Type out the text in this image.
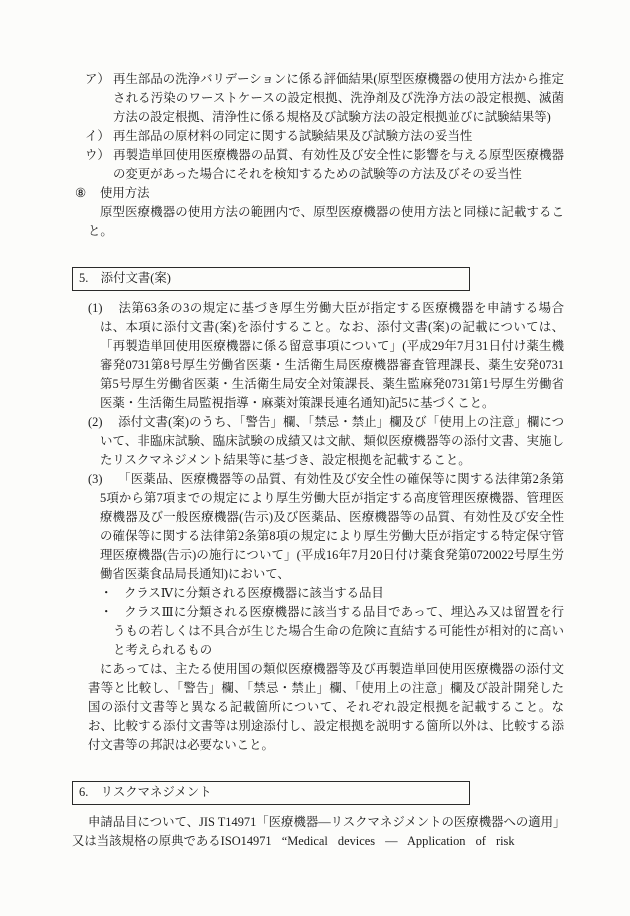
ア） 再生部品の洗浄バリデーションに係る評価結果(原型医療機器の使用方法から推定される汚染のワーストケースの設定根拠、洗浄剤及び洗浄方法の設定根拠、滅菌方法の設定根拠、清浄性に係る規格及び試験方法の設定根拠並びに試験結果等)
イ） 再生部品の原材料の同定に関する試験結果及び試験方法の妥当性
ウ） 再製造単回使用医療機器の品質、有効性及び安全性に影響を与える原型医療機器の変更があった場合にそれを検知するための試験等の方法及びその妥当性
⑧ 使用方法
原型医療機器の使用方法の範囲内で、原型医療機器の使用方法と同様に記載すること。
5.　添付文書(案)
(1) 法第63条の3の規定に基づき厚生労働大臣が指定する医療機器を申請する場合は、本項に添付文書(案)を添付すること。なお、添付文書(案)の記載については、「再製造単回使用医療機器に係る留意事項について」(平成29年7月31日付け薬生機審発0731第8号厚生労働省医薬・生活衛生局医療機器審査管理課長、薬生安発0731第5号厚生労働省医薬・生活衛生局安全対策課長、薬生監麻発0731第1号厚生労働省医薬・生活衛生局監視指導・麻薬対策課長連名通知)記5に基づくこと。
(2) 添付文書(案)のうち、「警告」欄、「禁忌・禁止」欄及び「使用上の注意」欄について、非臨床試験、臨床試験の成績又は文献、類似医療機器等の添付文書、実施したリスクマネジメント結果等に基づき、設定根拠を記載すること。
(3) 「医薬品、医療機器等の品質、有効性及び安全性の確保等に関する法律第2条第5項から第7項までの規定により厚生労働大臣が指定する高度管理医療機器、管理医療機器及び一般医療機器(告示)及び医薬品、医療機器等の品質、有効性及び安全性の確保等に関する法律第2条第8項の規定により厚生労働大臣が指定する特定保守管理医療機器(告示)の施行について」(平成16年7月20日付け薬食発第0720022号厚生労働省医薬食品局長通知)において、
・ クラスⅣに分類される医療機器に該当する品目
・ クラスⅢに分類される医療機器に該当する品目であって、埋込み又は留置を行うもの若しくは不具合が生じた場合生命の危険に直結する可能性が相対的に高いと考えられるもの
にあっては、主たる使用国の類似医療機器等及び再製造単回使用医療機器の添付文書等と比較し、「警告」欄、「禁忌・禁止」欄、「使用上の注意」欄及び設計開発した国の添付文書等と異なる記載箇所について、それぞれ設定根拠を記載すること。なお、比較する添付文書等は別途添付し、設定根拠を説明する箇所以外は、比較する添付文書等の邦訳は必要ないこと。
6.　リスクマネジメント
申請品目について、JIS T14971「医療機器―リスクマネジメントの医療機器への適用」
又は当該規格の原典であるISO14971 “Medical devices ― Application of risk
